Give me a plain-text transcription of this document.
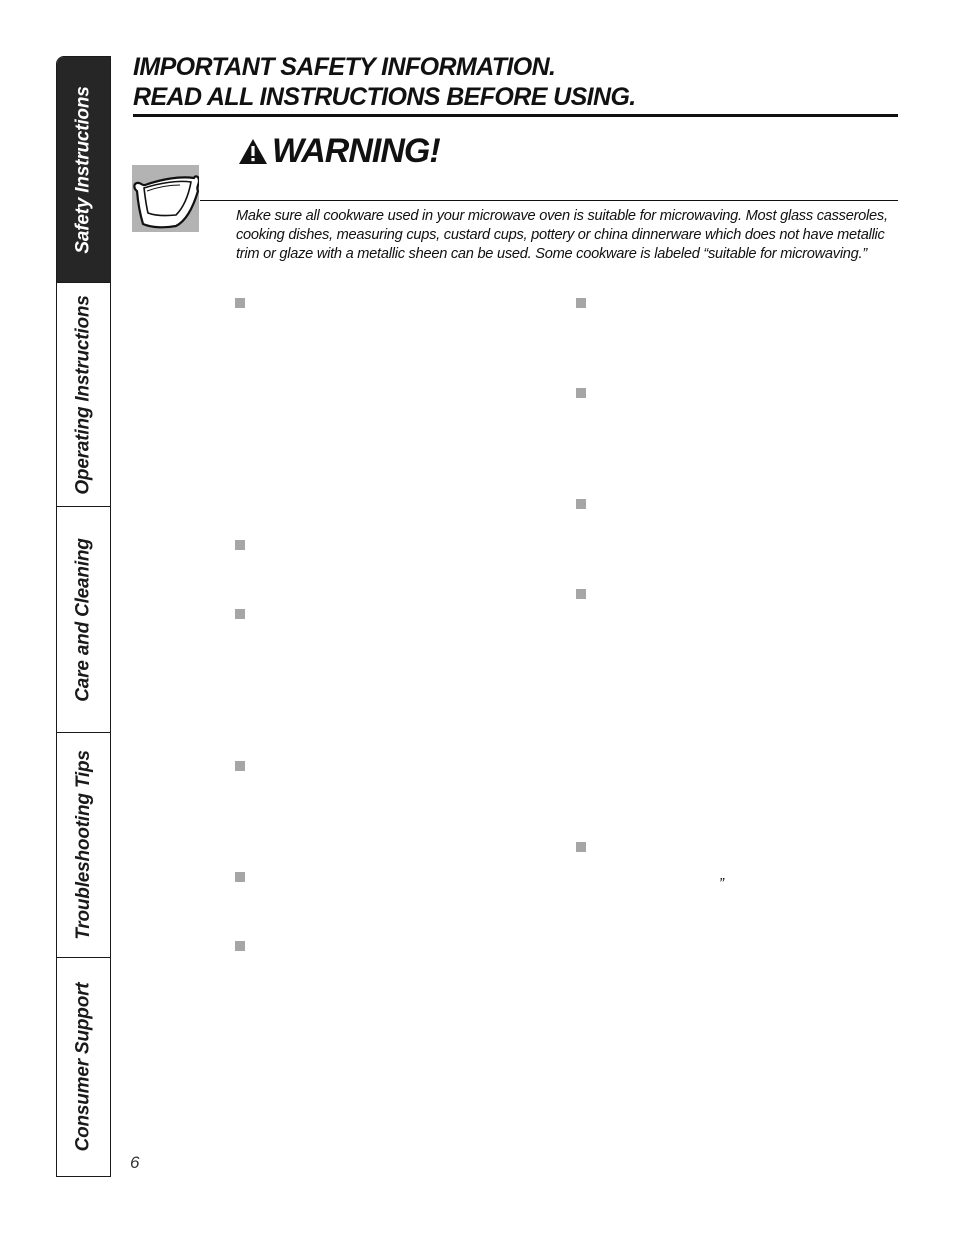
Safety Instructions
Operating Instructions
Care and Cleaning
Troubleshooting Tips
Consumer Support
IMPORTANT SAFETY INFORMATION.
READ ALL INSTRUCTIONS BEFORE USING.
WARNING!

Make sure all cookware used in your microwave oven is suitable for microwaving. Most glass casseroles, cooking dishes, measuring cups, custard cups, pottery or china dinnerware which does not have metallic trim or glaze with a metallic sheen can be used. Some cookware is labeled “suitable for microwaving.”

”
6
